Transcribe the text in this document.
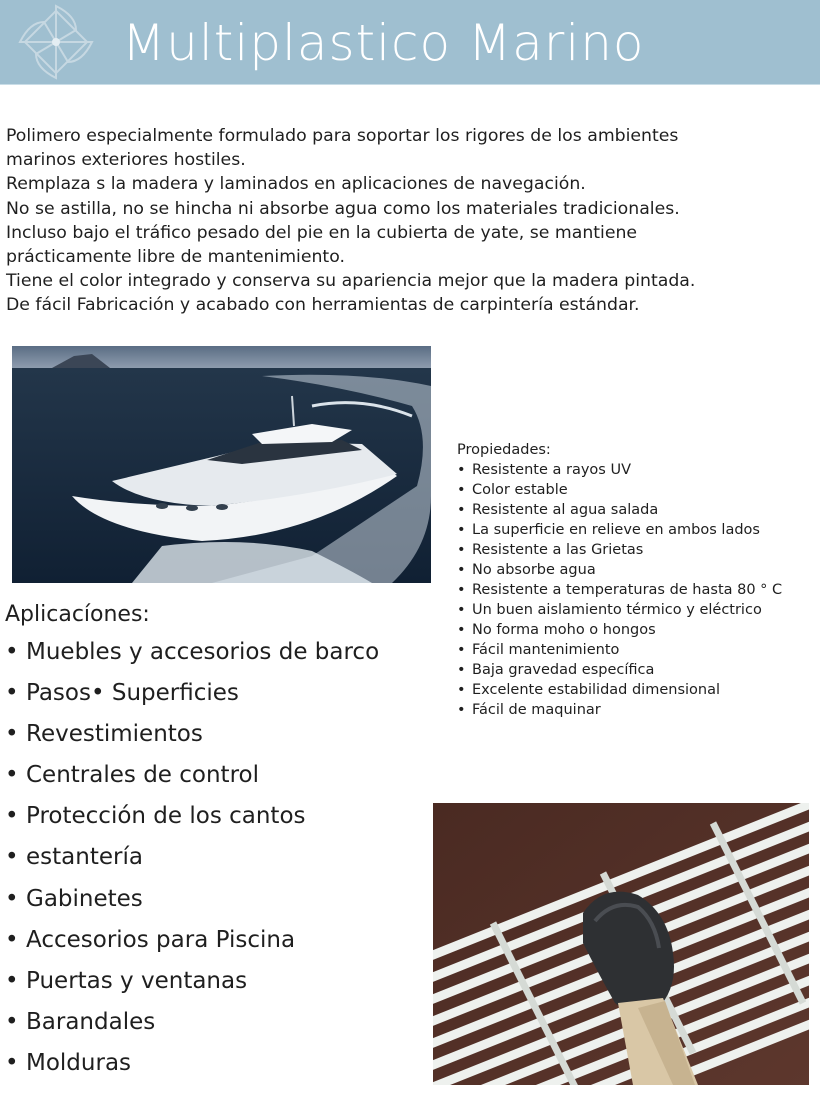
Multiplastico Marino
Polimero especialmente formulado para soportar los rigores de los ambientes
marinos exteriores hostiles.
Remplaza s la madera y laminados en aplicaciones de navegación.
No se astilla, no se hincha ni absorbe agua como los materiales tradicionales.
Incluso bajo el tráfico pesado del pie en la cubierta de yate, se mantiene
prácticamente libre de mantenimiento.
Tiene el color integrado y conserva su apariencia mejor que la madera pintada.
De fácil Fabricación y acabado con herramientas de carpintería estándar.
Propiedades:
• Resistente a rayos UV
• Color estable
• Resistente al agua salada
• La superficie en relieve en ambos lados
• Resistente a las Grietas
• No absorbe agua
• Resistente a temperaturas de hasta 80 ° C
• Un buen aislamiento térmico y eléctrico
• No forma moho o hongos
• Fácil mantenimiento
• Baja gravedad específica
• Excelente estabilidad dimensional
• Fácil de maquinar
Aplicacíones:
• Muebles y accesorios de barco
• Pasos• Superficies
• Revestimientos
• Centrales de control
• Protección de los cantos
• estantería
• Gabinetes
• Accesorios para Piscina
• Puertas y ventanas
• Barandales
• Molduras
